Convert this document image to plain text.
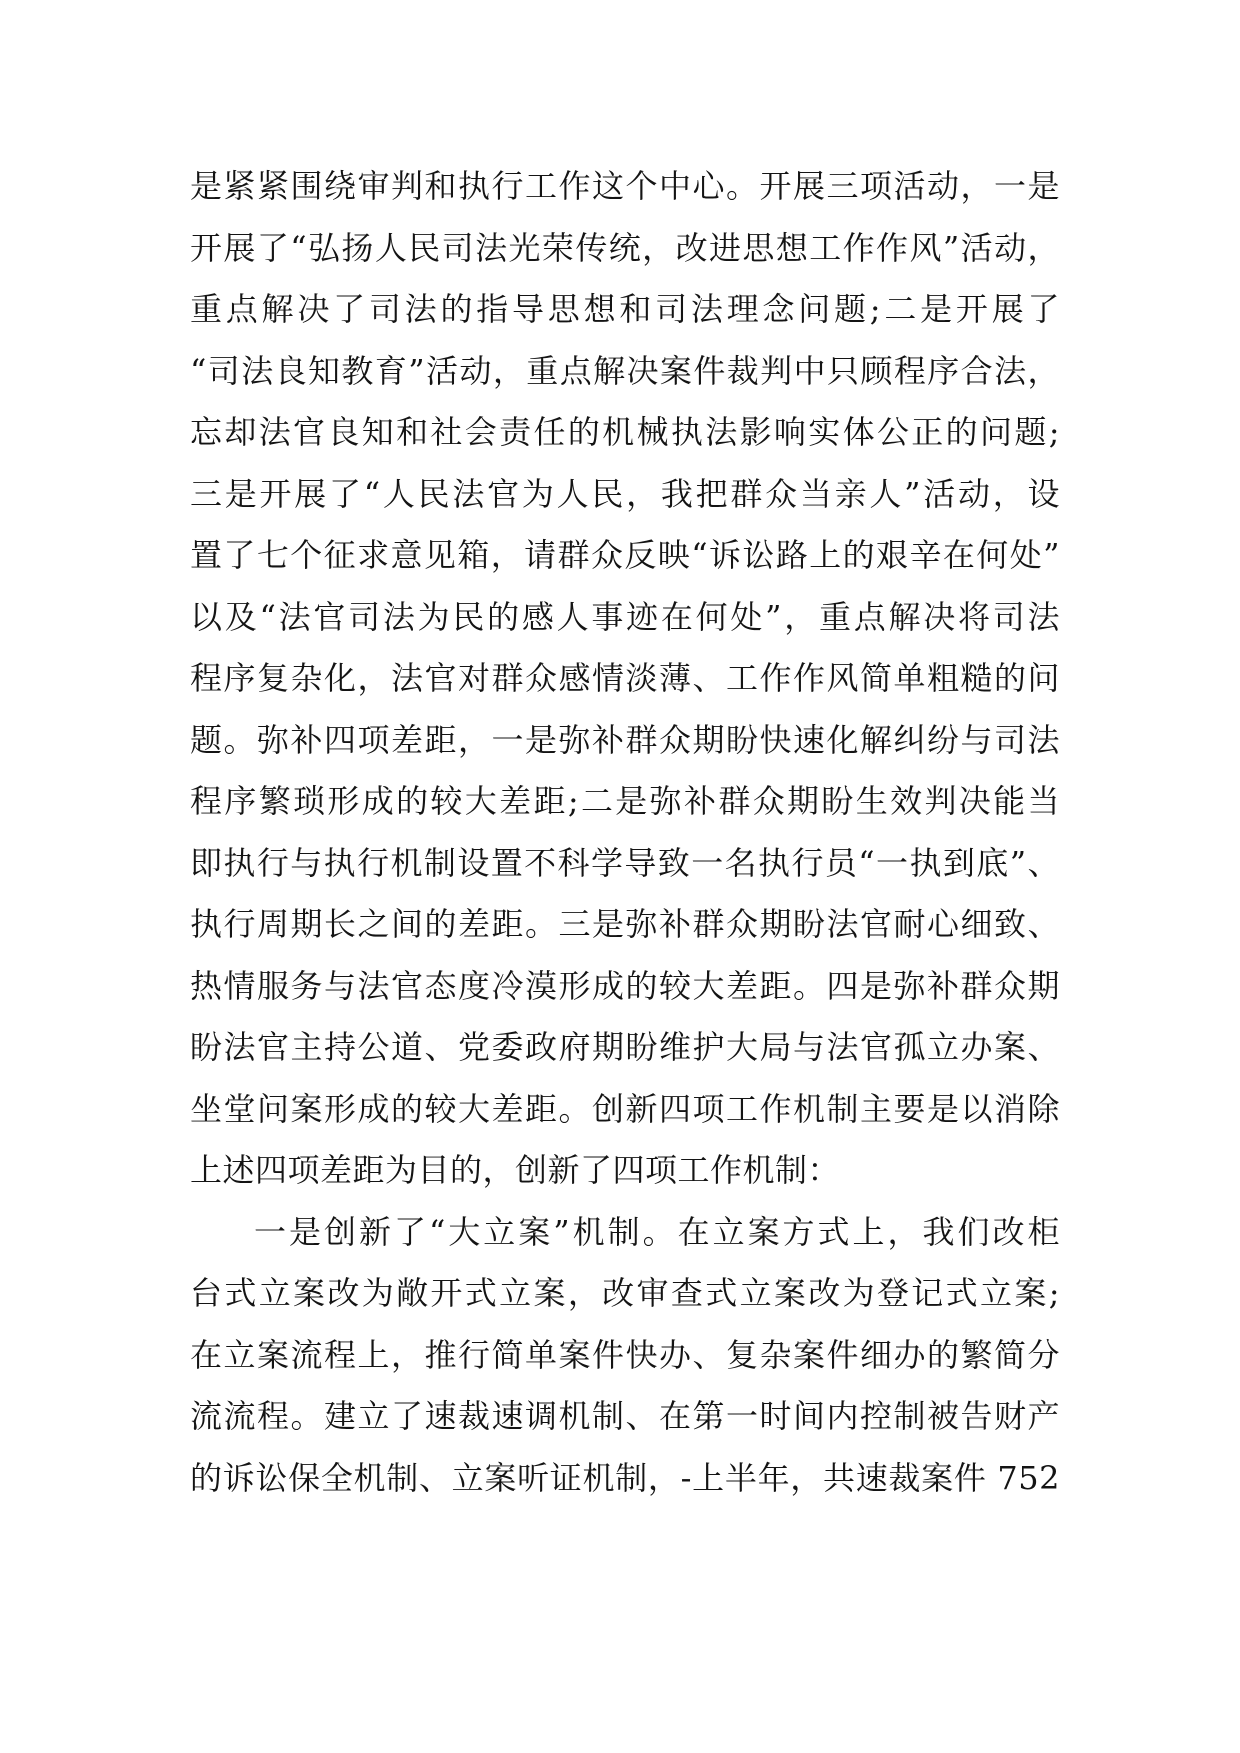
是紧紧围绕审判和执行工作这个中心。开展三项活动，一是
开展了“弘扬人民司法光荣传统，改进思想工作作风”活动，
重点解决了司法的指导思想和司法理念问题;二是开展了
“司法良知教育”活动，重点解决案件裁判中只顾程序合法，
忘却法官良知和社会责任的机械执法影响实体公正的问题;
三是开展了“人民法官为人民，我把群众当亲人”活动，设
置了七个征求意见箱，请群众反映“诉讼路上的艰辛在何处”
以及“法官司法为民的感人事迹在何处”，重点解决将司法
程序复杂化，法官对群众感情淡薄、工作作风简单粗糙的问
题。弥补四项差距，一是弥补群众期盼快速化解纠纷与司法
程序繁琐形成的较大差距;二是弥补群众期盼生效判决能当
即执行与执行机制设置不科学导致一名执行员“一执到底”、
执行周期长之间的差距。三是弥补群众期盼法官耐心细致、
热情服务与法官态度冷漠形成的较大差距。四是弥补群众期
盼法官主持公道、党委政府期盼维护大局与法官孤立办案、
坐堂问案形成的较大差距。创新四项工作机制主要是以消除
上述四项差距为目的，创新了四项工作机制：
一是创新了“大立案”机制。在立案方式上，我们改柜
台式立案改为敞开式立案，改审查式立案改为登记式立案;
在立案流程上，推行简单案件快办、复杂案件细办的繁简分
流流程。建立了速裁速调机制、在第一时间内控制被告财产
的诉讼保全机制、立案听证机制，-上半年，共速裁案件 752
